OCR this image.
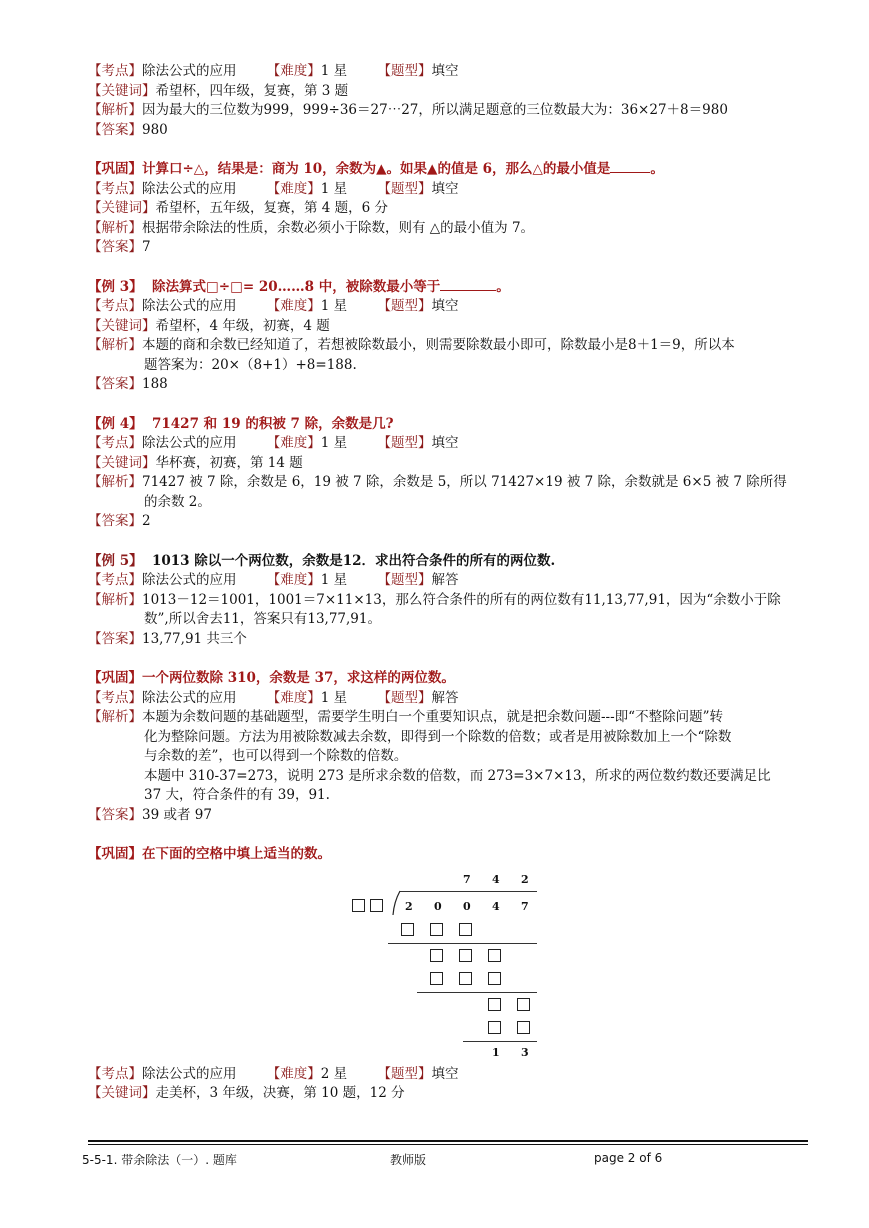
【考点】除法公式的应用 【难度】1 星 【题型】填空
【关键词】希望杯，四年级，复赛，第 3 题
【解析】因为最大的三位数为999，999÷36＝27⋯27，所以满足题意的三位数最大为：36×27＋8＝980
【答案】980
【巩固】计算口÷△，结果是：商为 10，余数为▲。如果▲的值是 6，那么△的最小值是	。
【考点】除法公式的应用 【难度】1 星 【题型】填空
【关键词】希望杯，五年级，复赛，第 4 题，6 分
【解析】根据带余除法的性质，余数必须小于除数，则有 △的最小值为 7。
【答案】7
【例 3】 除法算式□÷□= 20……8 中，被除数最小等于	。
【考点】除法公式的应用 【难度】1 星 【题型】填空
【关键词】希望杯，4 年级，初赛，4 题
【解析】本题的商和余数已经知道了，若想被除数最小，则需要除数最小即可，除数最小是8＋1＝9，所以本
题答案为：20×（8+1）+8=188.
【答案】188
【例 4】 71427 和 19 的积被 7 除，余数是几?
【考点】除法公式的应用 【难度】1 星 【题型】填空
【关键词】华杯赛，初赛，第 14 题
【解析】71427 被 7 除，余数是 6，19 被 7 除，余数是 5，所以 71427×19 被 7 除，余数就是 6×5 被 7 除所得
的余数 2。
【答案】2
【例 5】 1013 除以一个两位数，余数是12．求出符合条件的所有的两位数.
【考点】除法公式的应用 【难度】1 星 【题型】解答
【解析】1013－12＝1001，1001＝7×11×13，那么符合条件的所有的两位数有11,13,77,91，因为“余数小于除
数”,所以舍去11，答案只有13,77,91。
【答案】13,77,91 共三个
【巩固】一个两位数除 310，余数是 37，求这样的两位数。
【考点】除法公式的应用 【难度】1 星 【题型】解答
【解析】本题为余数问题的基础题型，需要学生明白一个重要知识点，就是把余数问题---即“不整除问题”转
化为整除问题。方法为用被除数减去余数，即得到一个除数的倍数；或者是用被除数加上一个“除数
与余数的差”，也可以得到一个除数的倍数。
本题中 310-37=273，说明 273 是所求余数的倍数，而 273=3×7×13，所求的两位数约数还要满足比
37 大，符合条件的有 39，91.
【答案】39 或者 97
【巩固】在下面的空格中填上适当的数。
7 4 2
2 0 0 4 7
1 3
【考点】除法公式的应用 【难度】2 星 【题型】填空
【关键词】走美杯，3 年级，决赛，第 10 题，12 分
5-5-1. 带余除法（一）. 题库	教师版	page 2 of 6
